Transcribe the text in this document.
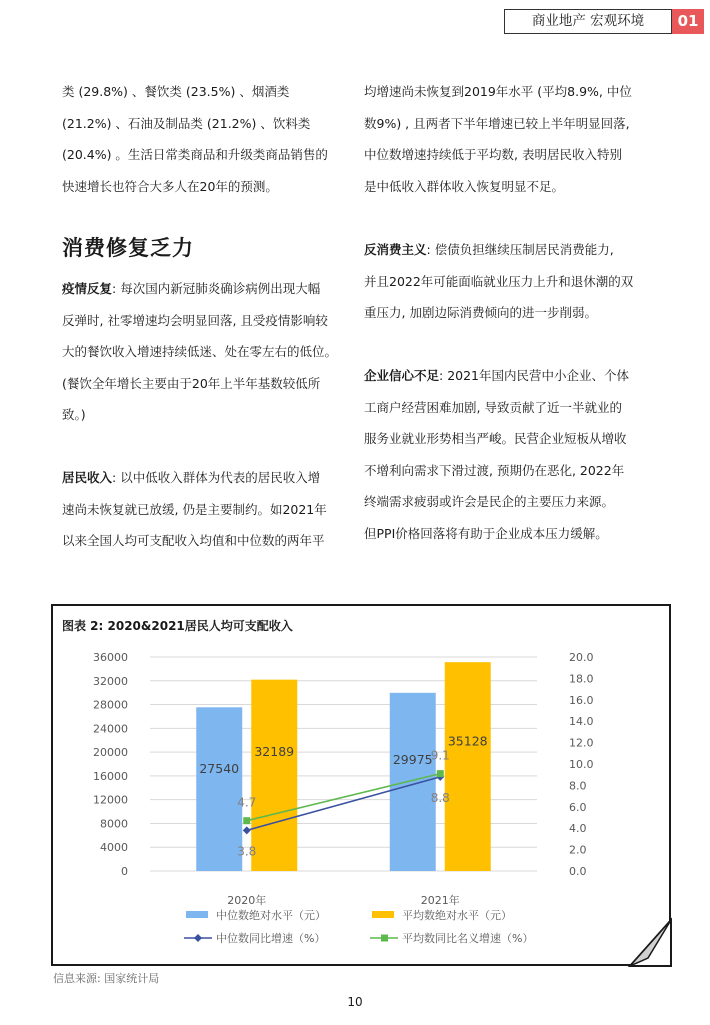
商业地产 宏观环境	01

类 (29.8%) 、餐饮类 (23.5%) 、烟酒类

(21.2%) 、石油及制品类 (21.2%) 、饮料类

(20.4%) 。生活日常类商品和升级类商品销售的

快速增长也符合大多人在20年的预测。

均增速尚未恢复到2019年水平 (平均8.9%, 中位

数9%) , 且两者下半年增速已较上半年明显回落,

中位数增速持续低于平均数, 表明居民收入特别

是中低收入群体收入恢复明显不足。

消费修复乏力

疫情反复: 每次国内新冠肺炎确诊病例出现大幅

反弹时, 社零增速均会明显回落, 且受疫情影响较

大的餐饮收入增速持续低迷、处在零左右的低位。

(餐饮全年增长主要由于20年上半年基数较低所

致。)

居民收入: 以中低收入群体为代表的居民收入增

速尚未恢复就已放缓, 仍是主要制约。如2021年

以来全国人均可支配收入均值和中位数的两年平

反消费主义: 偿债负担继续压制居民消费能力,

并且2022年可能面临就业压力上升和退休潮的双

重压力, 加剧边际消费倾向的进一步削弱。

企业信心不足: 2021年国内民营中小企业、个体

工商户经营困难加剧, 导致贡献了近一半就业的

服务业就业形势相当严峻。民营企业短板从增收

不增利向需求下滑过渡, 预期仍在恶化, 2022年

终端需求疲弱或许会是民企的主要压力来源。

但PPI价格回落将有助于企业成本压力缓解。

图表 2: 2020&2021居民人均可支配收入
0
4000
8000
12000
16000
20000
24000
28000
32000
36000
0.0
2.0
4.0
6.0
8.0
10.0
12.0
14.0
16.0
18.0
20.0
2020年
27540
32189
2021年
29975
35128
3.8
8.8
4.7
9.1
中位数绝对水平（元）	平均数绝对水平（元）
中位数同比增速（%）	平均数同比名义增速（%）
信息来源: 国家统计局
10
